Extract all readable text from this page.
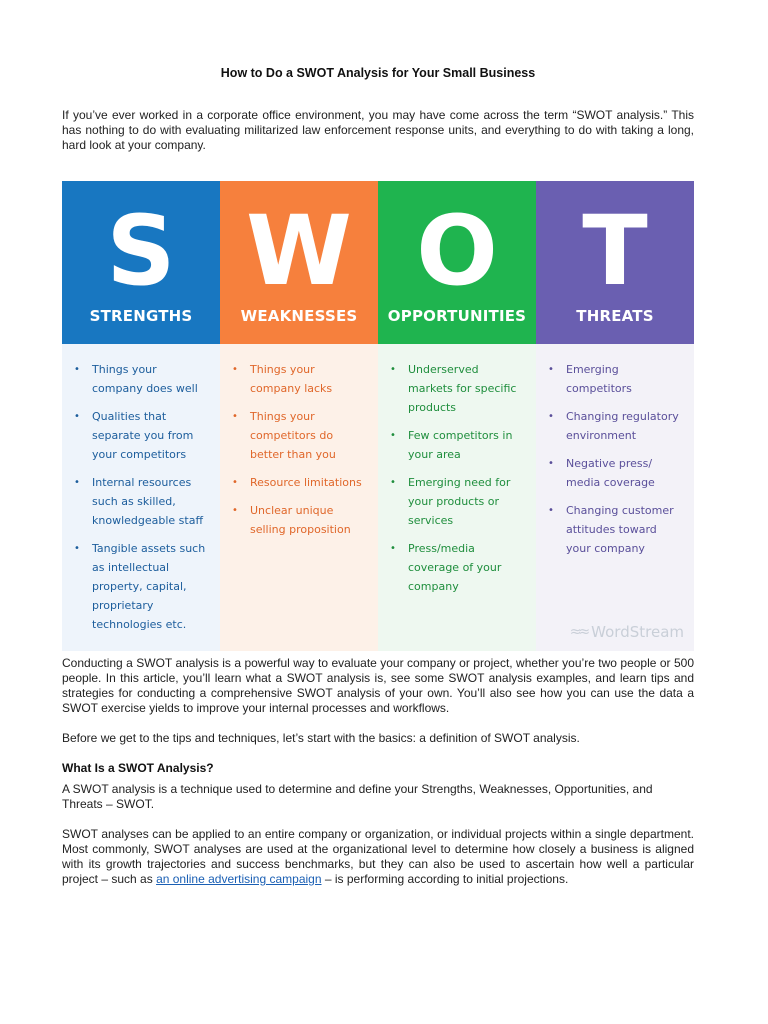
How to Do a SWOT Analysis for Your Small Business

If you’ve ever worked in a corporate office environment, you may have come across the term “SWOT analysis.” This has nothing to do with evaluating militarized law enforcement response units, and everything to do with taking a long, hard look at your company.

S
STRENGTHS
• Things your company does well
• Qualities that separate you from your competitors
• Internal resources such as skilled, knowledgeable staff
• Tangible assets such as intellectual property, capital, proprietary technologies etc.
W
WEAKNESSES
• Things your company lacks
• Things your competitors do better than you
• Resource limitations
• Unclear unique selling proposition
O
OPPORTUNITIES
• Underserved markets for specific products
• Few competitors in your area
• Emerging need for your products or services
• Press/media coverage of your company
T
THREATS
• Emerging competitors
• Changing regulatory environment
• Negative press/ media coverage
• Changing customer attitudes toward your company
≈≈ WordStream

Conducting a SWOT analysis is a powerful way to evaluate your company or project, whether you’re two people or 500 people. In this article, you’ll learn what a SWOT analysis is, see some SWOT analysis examples, and learn tips and strategies for conducting a comprehensive SWOT analysis of your own. You’ll also see how you can use the data a SWOT exercise yields to improve your internal processes and workflows.

Before we get to the tips and techniques, let’s start with the basics: a definition of SWOT analysis.

What Is a SWOT Analysis?

A SWOT analysis is a technique used to determine and define your Strengths, Weaknesses, Opportunities, and Threats – SWOT.

SWOT analyses can be applied to an entire company or organization, or individual projects within a single department. Most commonly, SWOT analyses are used at the organizational level to determine how closely a business is aligned with its growth trajectories and success benchmarks, but they can also be used to ascertain how well a particular project – such as an online advertising campaign – is performing according to initial projections.
